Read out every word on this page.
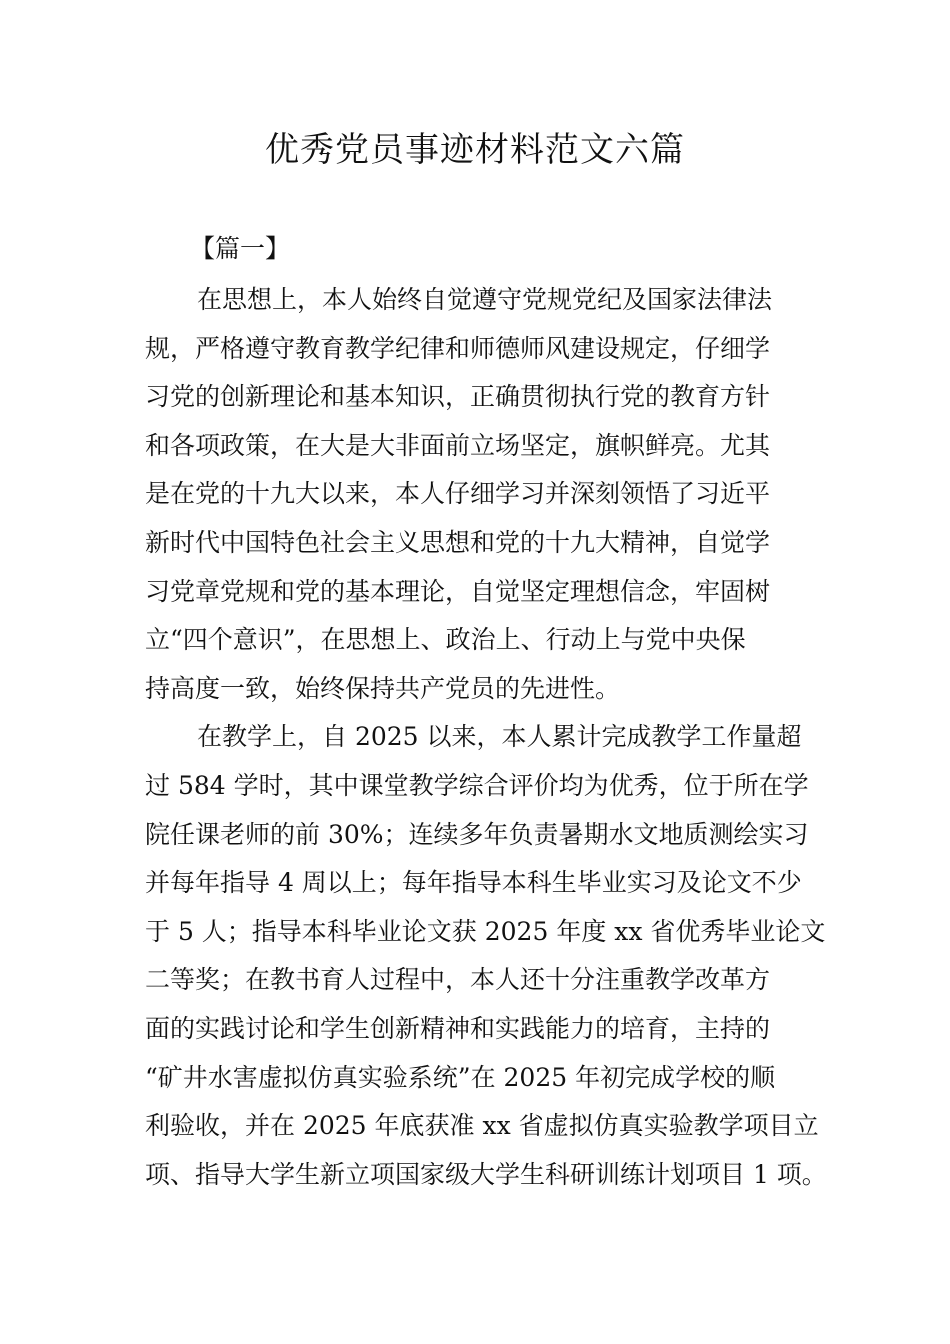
优秀党员事迹材料范文六篇
【篇一】
在思想上，本人始终自觉遵守党规党纪及国家法律法
规，严格遵守教育教学纪律和师德师风建设规定，仔细学
习党的创新理论和基本知识，正确贯彻执行党的教育方针
和各项政策，在大是大非面前立场坚定，旗帜鲜亮。尤其
是在党的十九大以来，本人仔细学习并深刻领悟了习近平
新时代中国特色社会主义思想和党的十九大精神，自觉学
习党章党规和党的基本理论，自觉坚定理想信念，牢固树
立“四个意识”，在思想上、政治上、行动上与党中央保
持高度一致，始终保持共产党员的先进性。
在教学上，自 2025 以来，本人累计完成教学工作量超
过 584 学时，其中课堂教学综合评价均为优秀，位于所在学
院任课老师的前 30%；连续多年负责暑期水文地质测绘实习
并每年指导 4 周以上；每年指导本科生毕业实习及论文不少
于 5 人；指导本科毕业论文获 2025 年度 xx 省优秀毕业论文
二等奖；在教书育人过程中，本人还十分注重教学改革方
面的实践讨论和学生创新精神和实践能力的培育，主持的
“矿井水害虚拟仿真实验系统”在 2025 年初完成学校的顺
利验收，并在 2025 年底获准 xx 省虚拟仿真实验教学项目立
项、指导大学生新立项国家级大学生科研训练计划项目 1 项。
